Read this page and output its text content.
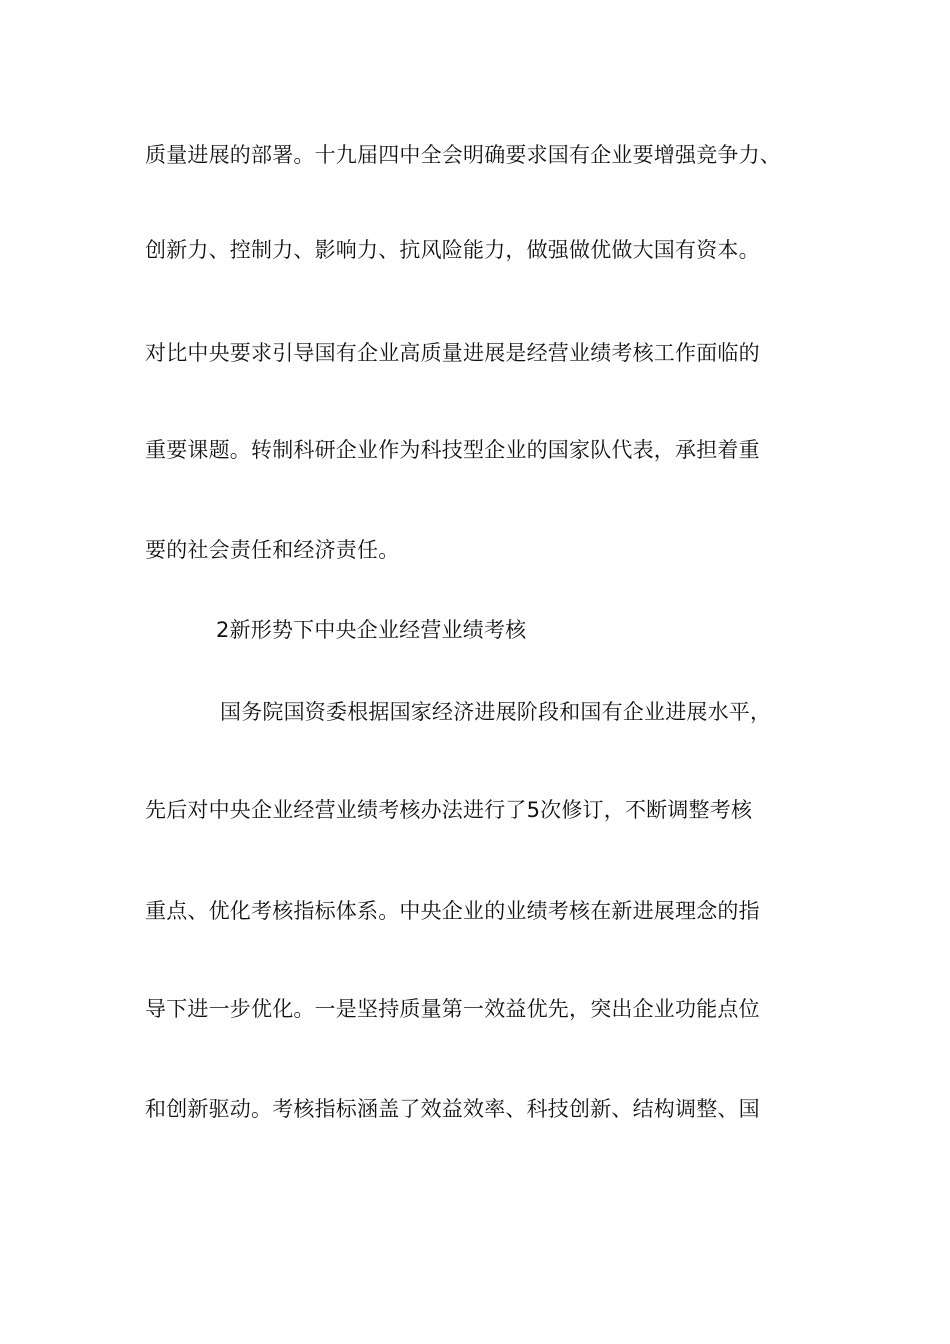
质量进展的部署。十九届四中全会明确要求国有企业要增强竞争力、
创新力、控制力、影响力、抗风险能力，做强做优做大国有资本。
对比中央要求引导国有企业高质量进展是经营业绩考核工作面临的
重要课题。转制科研企业作为科技型企业的国家队代表，承担着重
要的社会责任和经济责任。
2新形势下中央企业经营业绩考核
国务院国资委根据国家经济进展阶段和国有企业进展水平，
先后对中央企业经营业绩考核办法进行了5次修订，不断调整考核
重点、优化考核指标体系。中央企业的业绩考核在新进展理念的指
导下进一步优化。一是坚持质量第一效益优先，突出企业功能点位
和创新驱动。考核指标涵盖了效益效率、科技创新、结构调整、国
